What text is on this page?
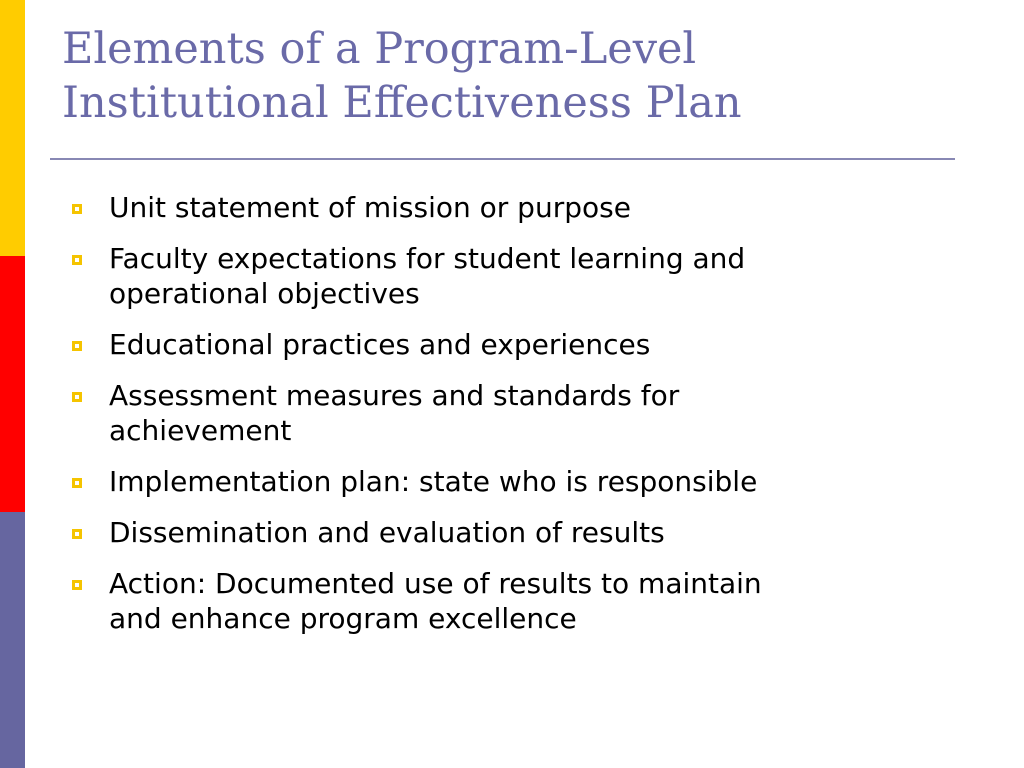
Elements of a Program-Level
Institutional Effectiveness Plan
Unit statement of mission or purpose
Faculty expectations for student learning and
operational objectives
Educational practices and experiences
Assessment measures and standards for
achievement
Implementation plan: state who is responsible
Dissemination and evaluation of results
Action: Documented use of results to maintain
and enhance program excellence
